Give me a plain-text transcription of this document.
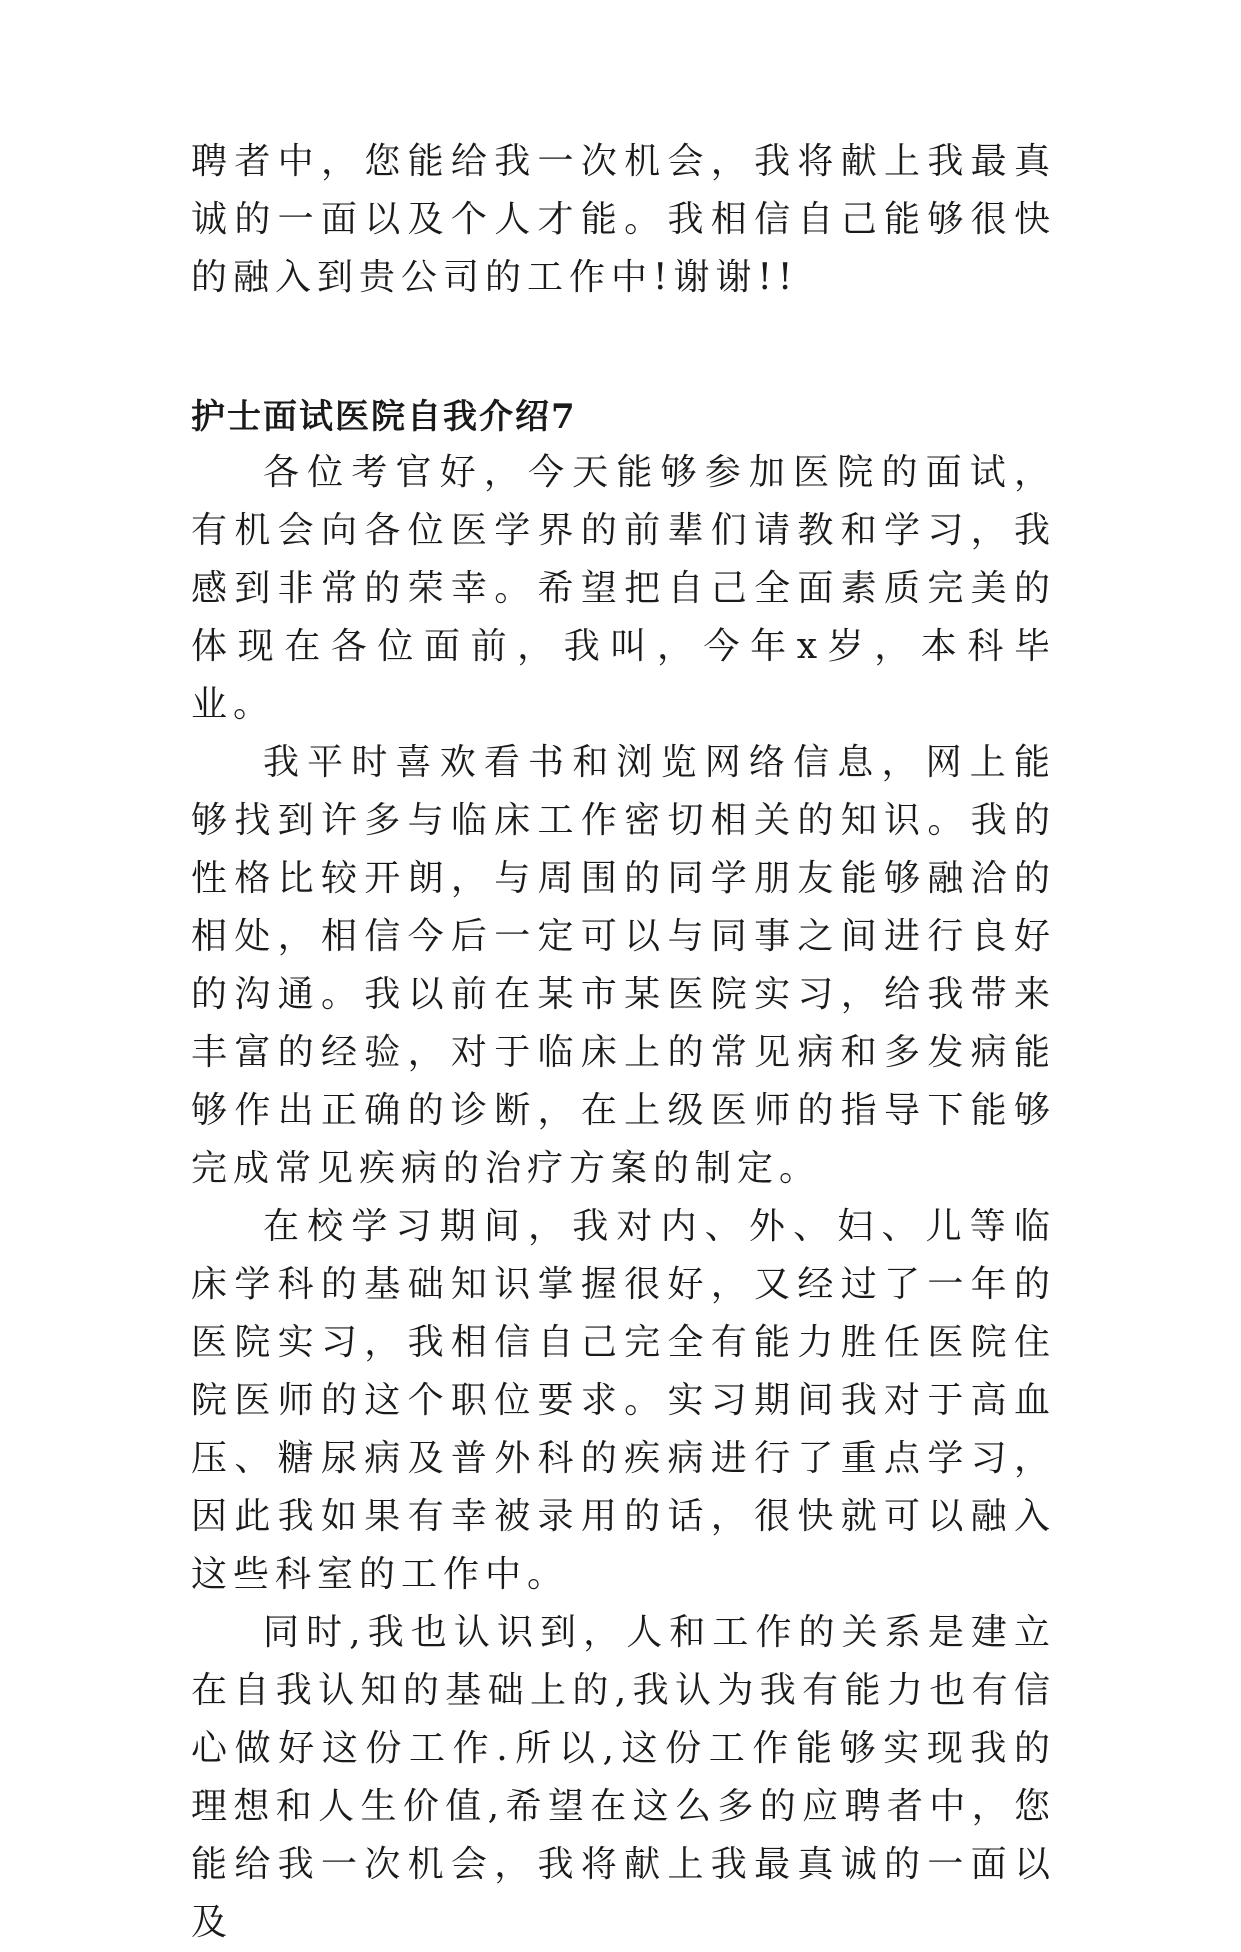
聘者中，您能给我一次机会，我将献上我最真诚的一面以及个人才能。我相信自己能够很快的融入到贵公司的工作中!谢谢!!

护士面试医院自我介绍7

各位考官好，今天能够参加医院的面试，有机会向各位医学界的前辈们请教和学习，我感到非常的荣幸。希望把自己全面素质完美的体现在各位面前，我叫，今年x岁，本科毕业。

我平时喜欢看书和浏览网络信息，网上能够找到许多与临床工作密切相关的知识。我的性格比较开朗，与周围的同学朋友能够融洽的相处，相信今后一定可以与同事之间进行良好的沟通。我以前在某市某医院实习，给我带来丰富的经验，对于临床上的常见病和多发病能够作出正确的诊断，在上级医师的指导下能够完成常见疾病的治疗方案的制定。

在校学习期间，我对内、外、妇、儿等临床学科的基础知识掌握很好，又经过了一年的医院实习，我相信自己完全有能力胜任医院住院医师的这个职位要求。实习期间我对于高血压、糖尿病及普外科的疾病进行了重点学习，因此我如果有幸被录用的话，很快就可以融入这些科室的工作中。

同时,我也认识到，人和工作的关系是建立在自我认知的基础上的,我认为我有能力也有信心做好这份工作.所以,这份工作能够实现我的理想和人生价值,希望在这么多的应聘者中，您能给我一次机会，我将献上我最真诚的一面以及
